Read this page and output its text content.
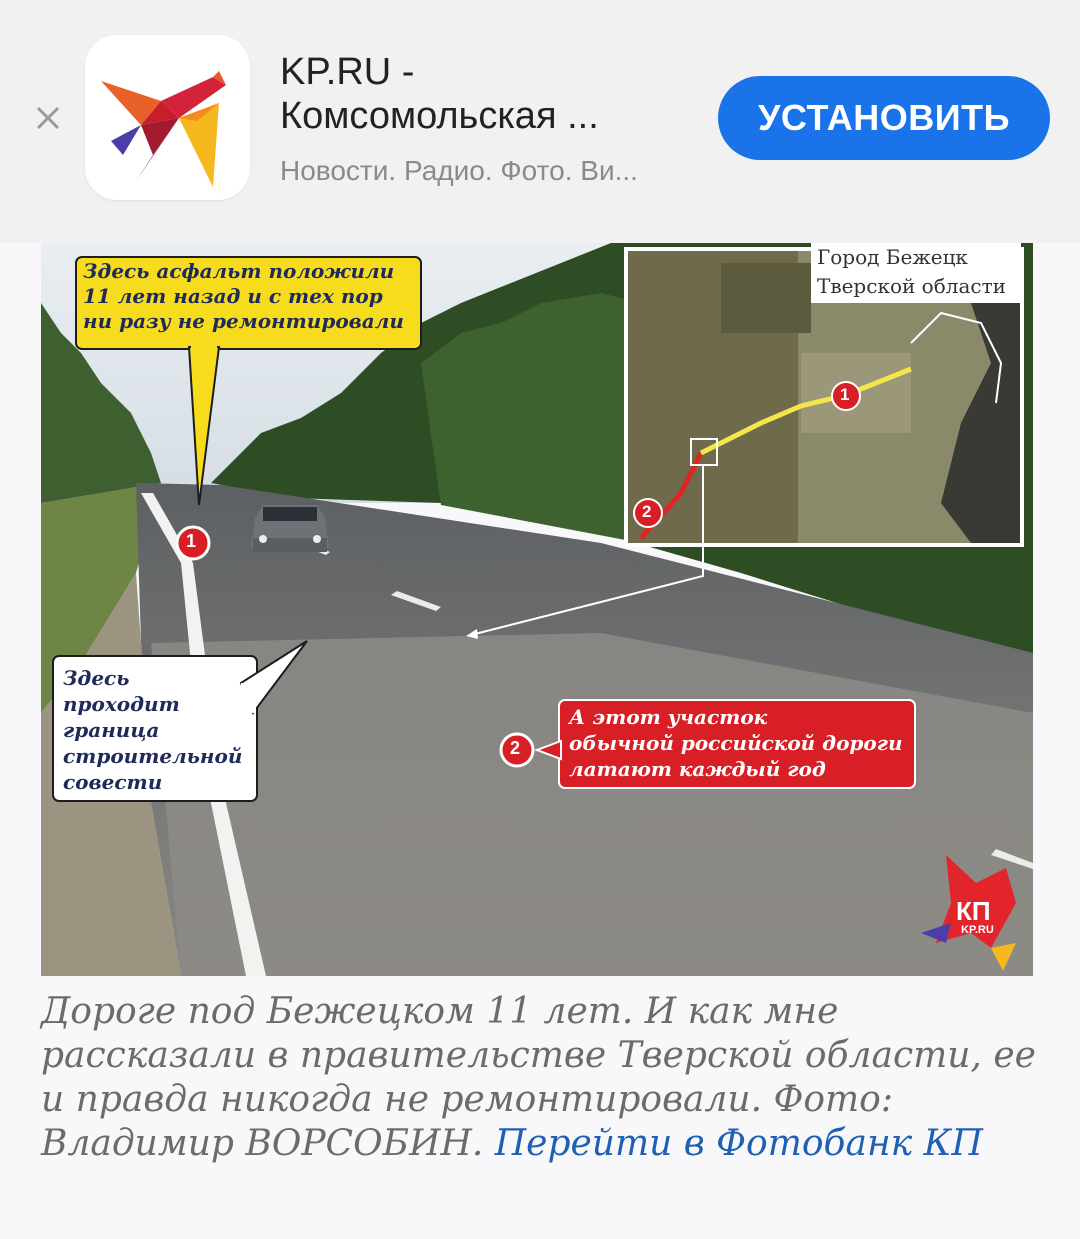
KP.RU -
Комсомольская ...
Новости. Радио. Фото. Ви...
УСТАНОВИТЬ
Здесь асфальт положили
11 лет назад и с тех пор
ни разу не ремонтировали
Здесь
проходит
граница
строительной
совести
А этот участок
обычной российской дороги
латают каждый год
Город Бежецк
Тверской области
1
2
1
2
КП
KP.RU
Дороге под Бежецком 11 лет. И как мне рассказали в правительстве Тверской области, ее и правда никогда не ремонтировали. Фото: Владимир ВОРСОБИН. Перейти в Фотобанк КП
